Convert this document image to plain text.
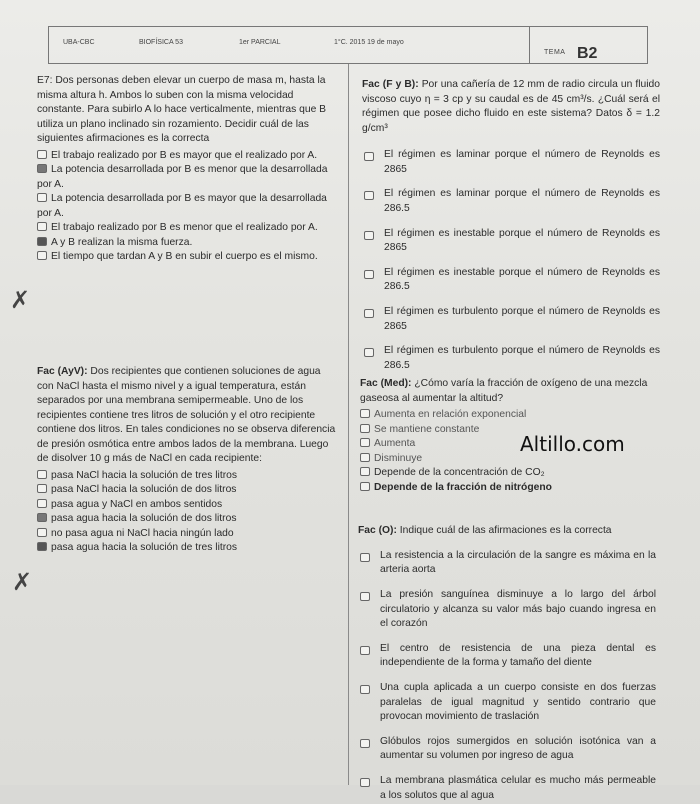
UBA-CBC	BIOFÍSICA 53	1er PARCIAL	1°C. 2015 19 de mayo
TEMA B2

E7: Dos personas deben elevar un cuerpo de masa m, hasta la misma altura h. Ambos lo suben con la misma velocidad constante. Para subirlo A lo hace verticalmente, mientras que B utiliza un plano inclinado sin rozamiento. Decidir cuál de las siguientes afirmaciones es la correcta

El trabajo realizado por B es mayor que el realizado por A.

La potencia desarrollada por B es menor que la desarrollada por A.

La potencia desarrollada por B es mayor que la desarrollada por A.

El trabajo realizado por B es menor que el realizado por A.

A y B realizan la misma fuerza.

El tiempo que tardan A y B en subir el cuerpo es el mismo.

✗

Fac (AyV): Dos recipientes que contienen soluciones de agua con NaCl hasta el mismo nivel y a igual temperatura, están separados por una membrana semipermeable. Uno de los recipientes contiene tres litros de solución y el otro recipiente contiene dos litros. En tales condiciones no se observa diferencia de presión osmótica entre ambos lados de la membrana. Luego de disolver 10 g más de NaCl en cada recipiente:

pasa NaCl hacia la solución de tres litros

pasa NaCl hacia la solución de dos litros

pasa agua y NaCl en ambos sentidos

pasa agua hacia la solución de dos litros

no pasa agua ni NaCl hacia ningún lado

pasa agua hacia la solución de tres litros

✗

Fac (F y B): Por una cañería de 12 mm de radio circula un fluido viscoso cuyo η = 3 cp y su caudal es de 45 cm³/s. ¿Cuál será el régimen que posee dicho fluido en este sistema? Datos δ = 1.2 g/cm³

El régimen es laminar porque el número de Reynolds es 2865

El régimen es laminar porque el número de Reynolds es 286.5

El régimen es inestable porque el número de Reynolds es 2865

El régimen es inestable porque el número de Reynolds es 286.5

El régimen es turbulento porque el número de Reynolds es 2865

El régimen es turbulento porque el número de Reynolds es 286.5

Fac (Med): ¿Cómo varía la fracción de oxígeno de una mezcla gaseosa al aumentar la altitud?

Aumenta en relación exponencial

Se mantiene constante

Aumenta

Disminuye

Depende de la concentración de CO₂

Depende de la fracción de nitrógeno

Fac (O): Indique cuál de las afirmaciones es la correcta

La resistencia a la circulación de la sangre es máxima en la arteria aorta

La presión sanguínea disminuye a lo largo del árbol circulatorio y alcanza su valor más bajo cuando ingresa en el corazón

El centro de resistencia de una pieza dental es independiente de la forma y tamaño del diente

Una cupla aplicada a un cuerpo consiste en dos fuerzas paralelas de igual magnitud y sentido contrario que provocan movimiento de traslación

Glóbulos rojos sumergidos en solución isotónica van a aumentar su volumen por ingreso de agua

La membrana plasmática celular es mucho más permeable a los solutos que al agua

Altillo.com
